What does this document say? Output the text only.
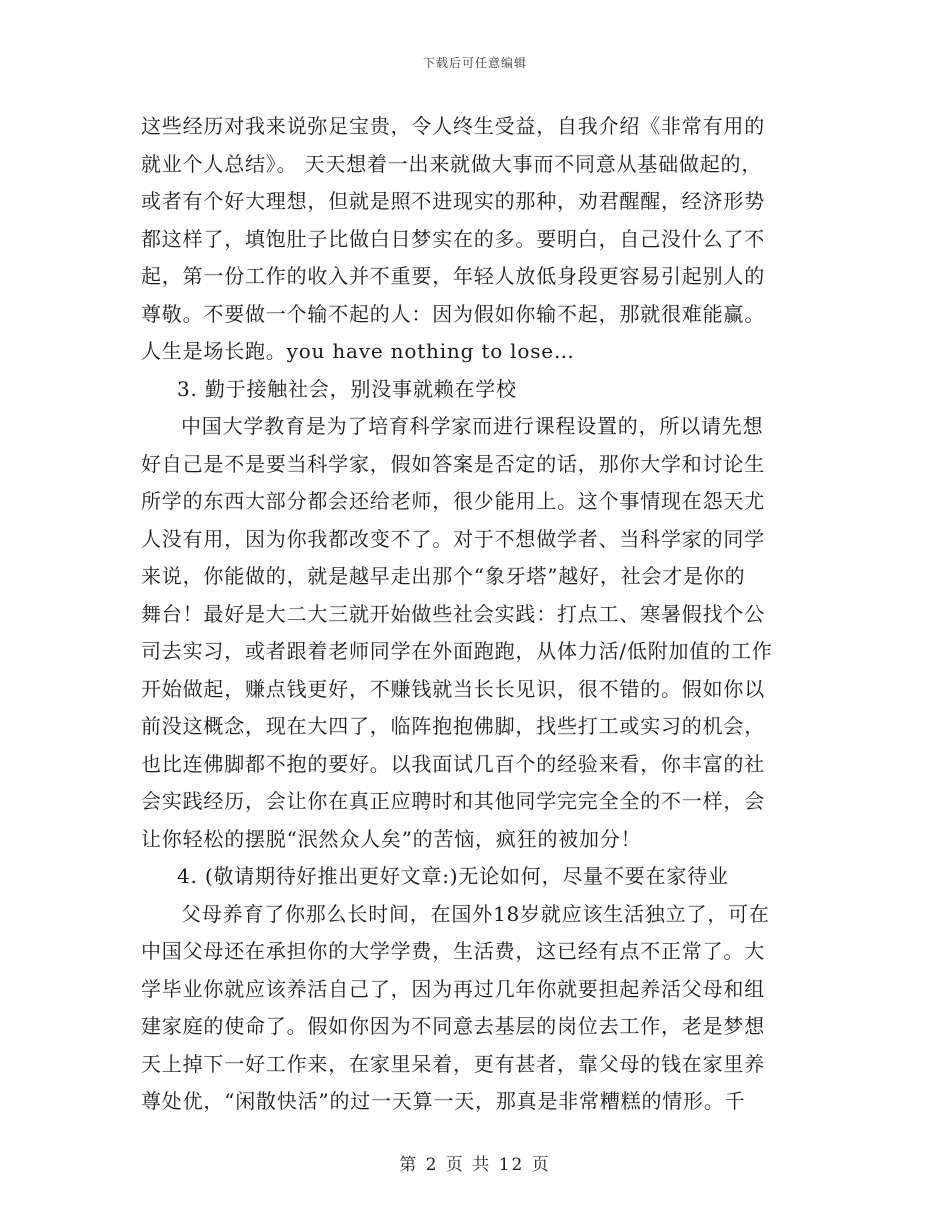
下载后可任意编辑
这些经历对我来说弥足宝贵，令人终生受益，自我介绍《非常有用的
就业个人总结》。 天天想着一出来就做大事而不同意从基础做起的，
或者有个好大理想，但就是照不进现实的那种，劝君醒醒，经济形势
都这样了，填饱肚子比做白日梦实在的多。要明白，自己没什么了不
起，第一份工作的收入并不重要，年轻人放低身段更容易引起别人的
尊敬。不要做一个输不起的人：因为假如你输不起，那就很难能赢。
人生是场长跑。you have nothing to lose…
3. 勤于接触社会，别没事就赖在学校
中国大学教育是为了培育科学家而进行课程设置的，所以请先想
好自己是不是要当科学家，假如答案是否定的话，那你大学和讨论生
所学的东西大部分都会还给老师，很少能用上。这个事情现在怨天尤
人没有用，因为你我都改变不了。对于不想做学者、当科学家的同学
来说，你能做的，就是越早走出那个“象牙塔”越好，社会才是你的
舞台！最好是大二大三就开始做些社会实践：打点工、寒暑假找个公
司去实习，或者跟着老师同学在外面跑跑，从体力活/低附加值的工作
开始做起，赚点钱更好，不赚钱就当长长见识，很不错的。假如你以
前没这概念，现在大四了，临阵抱抱佛脚，找些打工或实习的机会，
也比连佛脚都不抱的要好。以我面试几百个的经验来看，你丰富的社
会实践经历，会让你在真正应聘时和其他同学完完全全的不一样，会
让你轻松的摆脱“泯然众人矣”的苦恼，疯狂的被加分！
4. (敬请期待好推出更好文章:)无论如何，尽量不要在家待业
父母养育了你那么长时间，在国外18岁就应该生活独立了，可在
中国父母还在承担你的大学学费，生活费，这已经有点不正常了。大
学毕业你就应该养活自己了，因为再过几年你就要担起养活父母和组
建家庭的使命了。假如你因为不同意去基层的岗位去工作，老是梦想
天上掉下一好工作来，在家里呆着，更有甚者，靠父母的钱在家里养
尊处优，“闲散快活”的过一天算一天，那真是非常糟糕的情形。千
第 2 页 共 12 页
